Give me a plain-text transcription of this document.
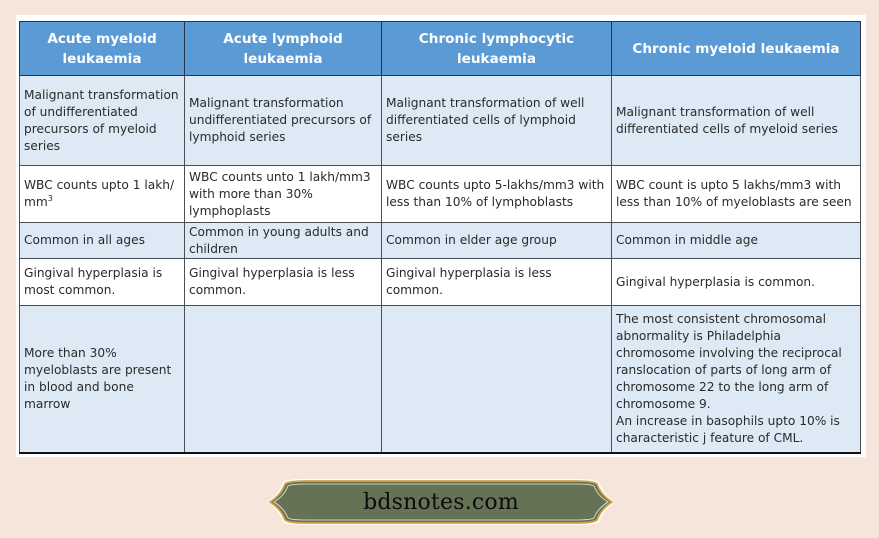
Acute myeloid leukaemia	Acute lymphoid leukaemia	Chronic lymphocytic leukaemia	Chronic myeloid leukaemia
Malignant transformation of undifferentiated precursors of myeloid series	Malignant transformation undifferentiated precursors of lymphoid series	Malignant transformation of well differentiated cells of lymphoid series	Malignant transformation of well differentiated cells of myeloid series
WBC counts upto 1 lakh/ $mm^3$	WBC counts unto 1 lakh/mm3 with more than 30% lymphoplasts	WBC counts upto 5-lakhs/mm3 with less than 10% of lymphoblasts	WBC count is upto 5 lakhs/mm3 with less than 10% of myeloblasts are seen
Common in all ages	Common in young adults and children	Common in elder age group	Common in middle age
Gingival hyperplasia is most common.	Gingival hyperplasia is less common.	Gingival hyperplasia is less common.	Gingival hyperplasia is common.
More than 30% myeloblasts are present in blood and bone marrow			The most consistent chromosomal abnormality is Philadelphia chromosome involving the reciprocal ranslocation of parts of long arm of chromosome 22 to the long arm of chromosome 9.
An increase in basophils upto 10% is characteristic j feature of CML.
bdsnotes.com
